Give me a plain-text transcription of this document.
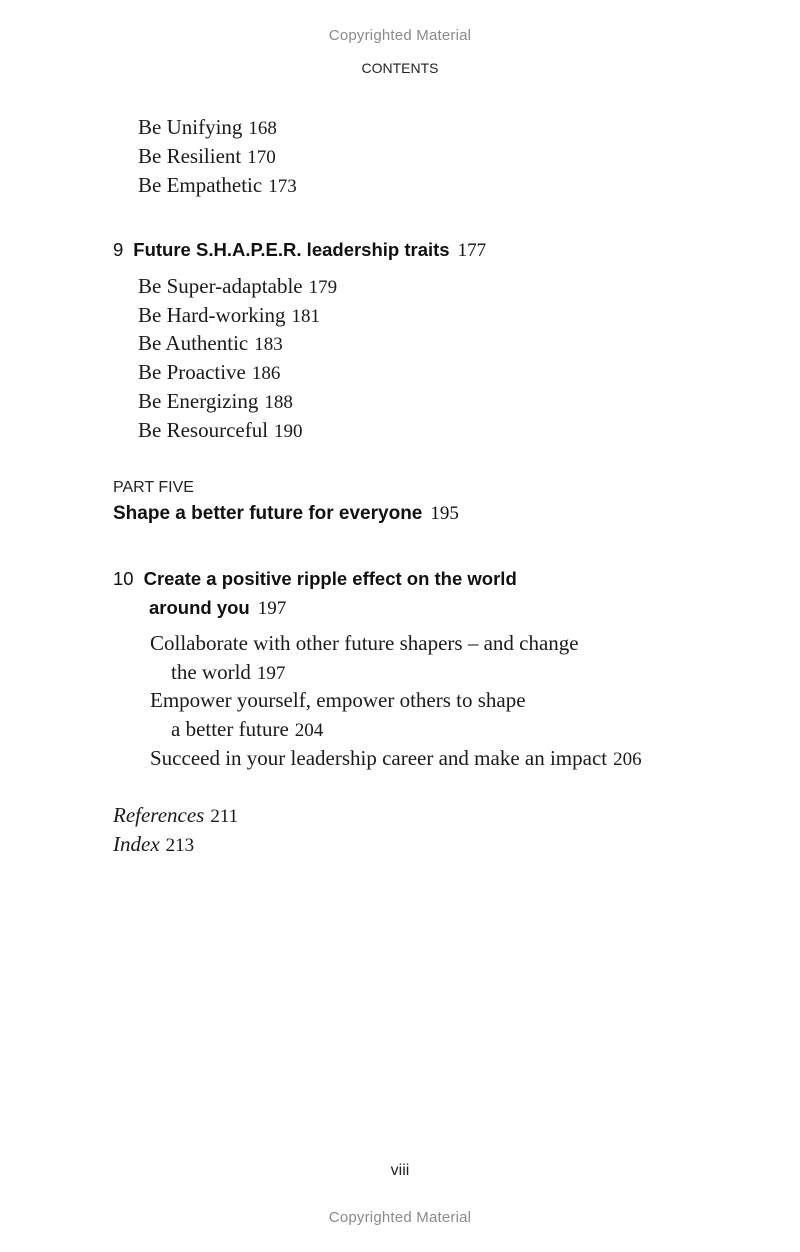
Copyrighted Material
CONTENTS
Be Unifying 168
Be Resilient 170
Be Empathetic 173
9 Future S.H.A.P.E.R. leadership traits 177
Be Super-adaptable 179
Be Hard-working 181
Be Authentic 183
Be Proactive 186
Be Energizing 188
Be Resourceful 190
PART FIVE
Shape a better future for everyone 195
10 Create a positive ripple effect on the world
around you 197
Collaborate with other future shapers – and change
the world 197
Empower yourself, empower others to shape
a better future 204
Succeed in your leadership career and make an impact 206
References 211
Index 213
viii
Copyrighted Material
